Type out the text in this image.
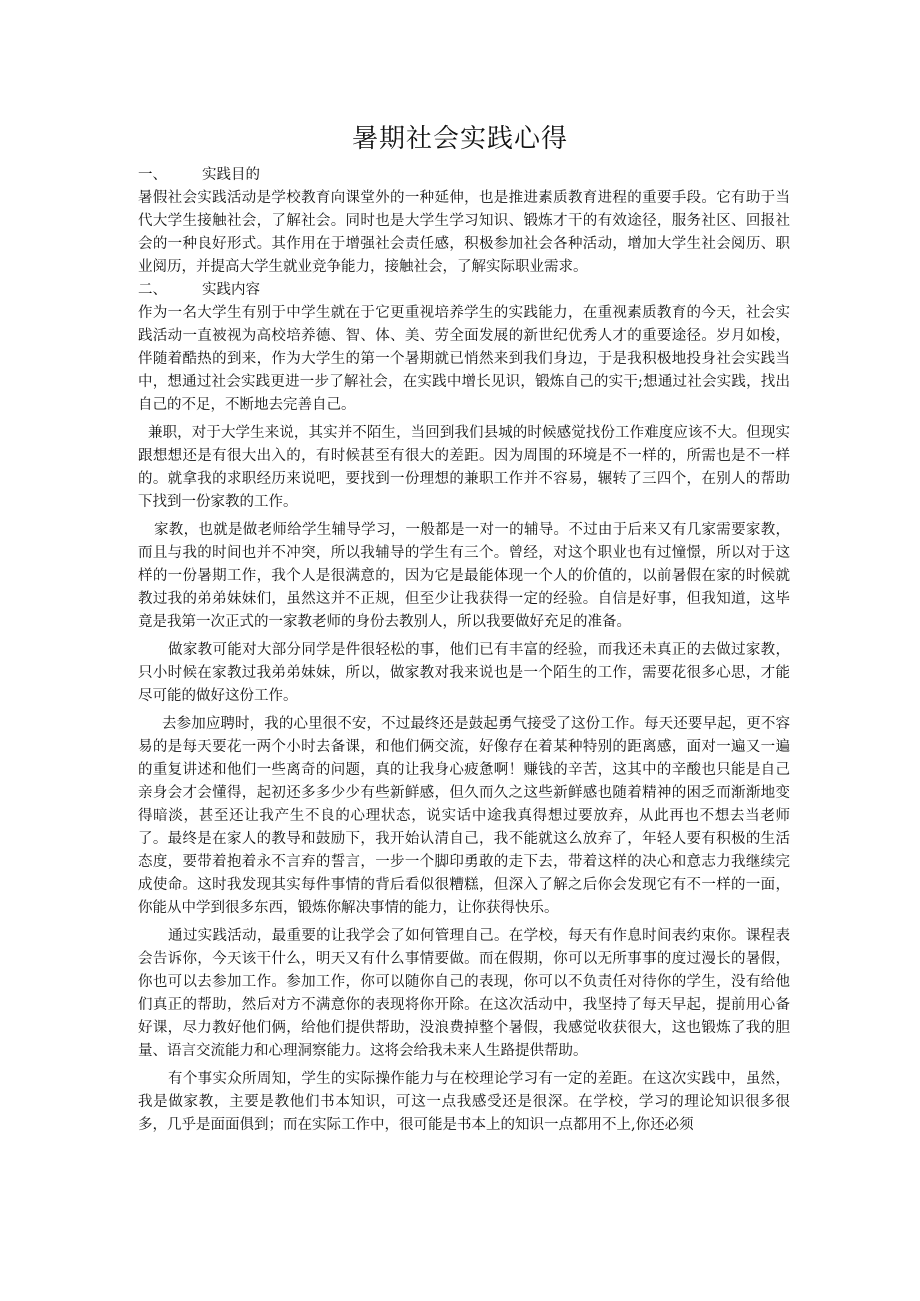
暑期社会实践心得
一、 实践目的

暑假社会实践活动是学校教育向课堂外的一种延伸，也是推进素质教育进程的重要手段。它有助于当代大学生接触社会，了解社会。同时也是大学生学习知识、锻炼才干的有效途径，服务社区、回报社会的一种良好形式。其作用在于增强社会责任感，积极参加社会各种活动，增加大学生社会阅历、职业阅历，并提高大学生就业竞争能力，接触社会，了解实际职业需求。

二、 实践内容

作为一名大学生有别于中学生就在于它更重视培养学生的实践能力，在重视素质教育的今天，社会实践活动一直被视为高校培养德、智、体、美、劳全面发展的新世纪优秀人才的重要途径。岁月如梭，伴随着酷热的到来，作为大学生的第一个暑期就已悄然来到我们身边，于是我积极地投身社会实践当中，想通过社会实践更进一步了解社会，在实践中增长见识，锻炼自己的实干;想通过社会实践，找出自己的不足，不断地去完善自己。

兼职，对于大学生来说，其实并不陌生，当回到我们县城的时候感觉找份工作难度应该不大。但现实跟想想还是有很大出入的，有时候甚至有很大的差距。因为周围的环境是不一样的，所需也是不一样的。就拿我的求职经历来说吧，要找到一份理想的兼职工作并不容易，辗转了三四个，在别人的帮助下找到一份家教的工作。

家教，也就是做老师给学生辅导学习，一般都是一对一的辅导。不过由于后来又有几家需要家教，而且与我的时间也并不冲突，所以我辅导的学生有三个。曾经，对这个职业也有过憧憬，所以对于这样的一份暑期工作，我个人是很满意的，因为它是最能体现一个人的价值的，以前暑假在家的时候就教过我的弟弟妹妹们，虽然这并不正规，但至少让我获得一定的经验。自信是好事，但我知道，这毕竟是我第一次正式的一家教老师的身份去教别人，所以我要做好充足的准备。

做家教可能对大部分同学是件很轻松的事，他们已有丰富的经验，而我还未真正的去做过家教，只小时候在家教过我弟弟妹妹，所以，做家教对我来说也是一个陌生的工作，需要花很多心思，才能尽可能的做好这份工作。

去参加应聘时，我的心里很不安，不过最终还是鼓起勇气接受了这份工作。每天还要早起，更不容易的是每天要花一两个小时去备课，和他们俩交流，好像存在着某种特别的距离感，面对一遍又一遍的重复讲述和他们一些离奇的问题，真的让我身心疲惫啊！赚钱的辛苦，这其中的辛酸也只能是自己亲身会才会懂得，起初还多多少少有些新鲜感，但久而久之这些新鲜感也随着精神的困乏而渐渐地变得暗淡，甚至还让我产生不良的心理状态，说实话中途我真得想过要放弃，从此再也不想去当老师了。最终是在家人的教导和鼓励下，我开始认清自己，我不能就这么放弃了，年轻人要有积极的生活态度，要带着抱着永不言弃的誓言，一步一个脚印勇敢的走下去，带着这样的决心和意志力我继续完成使命。这时我发现其实每件事情的背后看似很糟糕，但深入了解之后你会发现它有不一样的一面，你能从中学到很多东西，锻炼你解决事情的能力，让你获得快乐。

通过实践活动，最重要的让我学会了如何管理自己。在学校，每天有作息时间表约束你。课程表会告诉你，今天该干什么，明天又有什么事情要做。而在假期，你可以无所事事的度过漫长的暑假，你也可以去参加工作。参加工作，你可以随你自己的表现，你可以不负责任对待你的学生，没有给他们真正的帮助，然后对方不满意你的表现将你开除。在这次活动中，我坚持了每天早起，提前用心备好课，尽力教好他们俩，给他们提供帮助，没浪费掉整个暑假，我感觉收获很大，这也锻炼了我的胆量、语言交流能力和心理洞察能力。这将会给我未来人生路提供帮助。

有个事实众所周知，学生的实际操作能力与在校理论学习有一定的差距。在这次实践中，虽然，我是做家教，主要是教他们书本知识，可这一点我感受还是很深。在学校，学习的理论知识很多很多，几乎是面面俱到；而在实际工作中，很可能是书本上的知识一点都用不上,你还必须
